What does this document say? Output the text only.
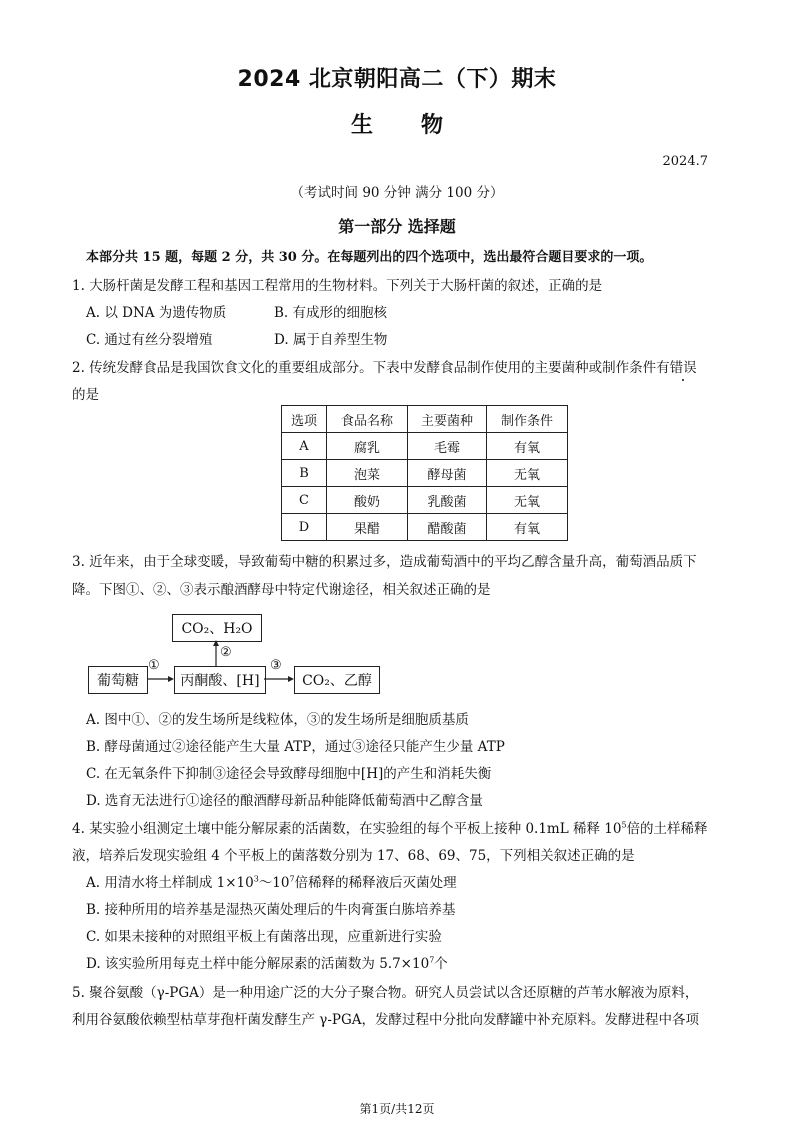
2024 北京朝阳高二（下）期末
生物
2024.7
（考试时间 90 分钟 满分 100 分）
第一部分 选择题
本部分共 15 题，每题 2 分，共 30 分。在每题列出的四个选项中，选出最符合题目要求的一项。
1. 大肠杆菌是发酵工程和基因工程常用的生物材料。下列关于大肠杆菌的叙述，正确的是
A. 以 DNA 为遗传物质	B. 有成形的细胞核
C. 通过有丝分裂增殖	D. 属于自养型生物
2. 传统发酵食品是我国饮食文化的重要组成部分。下表中发酵食品制作使用的主要菌种或制作条件有错误
的是
选项	食品名称	主要菌种	制作条件
A	腐乳	毛霉	有氧
B	泡菜	酵母菌	无氧
C	酸奶	乳酸菌	无氧
D	果醋	醋酸菌	有氧
3. 近年来，由于全球变暖，导致葡萄中糖的积累过多，造成葡萄酒中的平均乙醇含量升高，葡萄酒品质下
降。下图①、②、③表示酿酒酵母中特定代谢途径，相关叙述正确的是
CO₂、H₂O
葡萄糖	丙酮酸、[H]	CO₂、乙醇
①
②
③
A. 图中①、②的发生场所是线粒体，③的发生场所是细胞质基质
B. 酵母菌通过②途径能产生大量 ATP，通过③途径只能产生少量 ATP
C. 在无氧条件下抑制③途径会导致酵母细胞中[H]的产生和消耗失衡
D. 选育无法进行①途径的酿酒酵母新品种能降低葡萄酒中乙醇含量
4. 某实验小组测定土壤中能分解尿素的活菌数，在实验组的每个平板上接种 0.1mL 稀释 $10^5$倍的土样稀释
液，培养后发现实验组 4 个平板上的菌落数分别为 17、68、69、75，下列相关叙述正确的是
A. 用清水将土样制成 $1\times 10^3\sim 10^7$倍稀释的稀释液后灭菌处理
B. 接种所用的培养基是湿热灭菌处理后的牛肉膏蛋白胨培养基
C. 如果未接种的对照组平板上有菌落出现，应重新进行实验
D. 该实验所用每克土样中能分解尿素的活菌数为 $5.7\times 10^7$个
5. 聚谷氨酸（γ-PGA）是一种用途广泛的大分子聚合物。研究人员尝试以含还原糖的芦苇水解液为原料，
利用谷氨酸依赖型枯草芽孢杆菌发酵生产 γ-PGA，发酵过程中分批向发酵罐中补充原料。发酵进程中各项
第1页/共12页
